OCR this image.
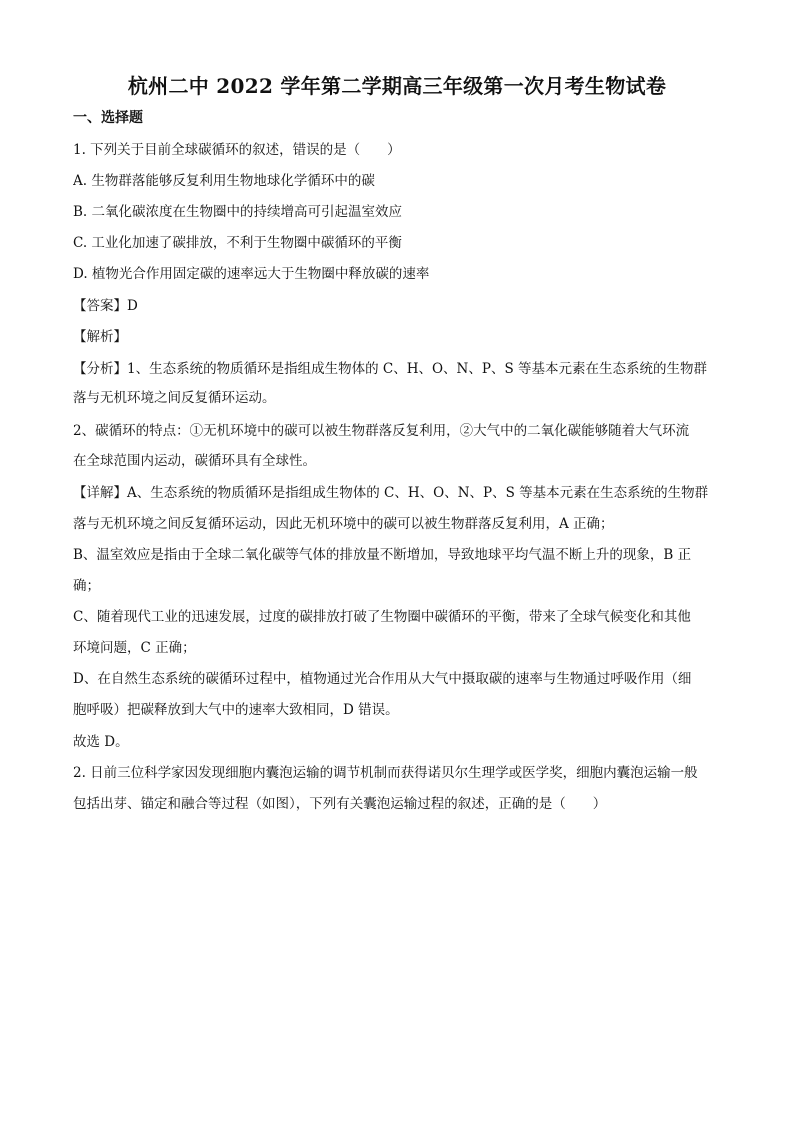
杭州二中 2022 学年第二学期高三年级第一次月考生物试卷
一、选择题
1. 下列关于目前全球碳循环的叙述，错误的是（　　）
A. 生物群落能够反复利用生物地球化学循环中的碳
B. 二氧化碳浓度在生物圈中的持续增高可引起温室效应
C. 工业化加速了碳排放，不利于生物圈中碳循环的平衡
D. 植物光合作用固定碳的速率远大于生物圈中释放碳的速率
【答案】D
【解析】
【分析】1、生态系统的物质循环是指组成生物体的 C、H、O、N、P、S 等基本元素在生态系统的生物群
落与无机环境之间反复循环运动。
2、碳循环的特点：①无机环境中的碳可以被生物群落反复利用，②大气中的二氧化碳能够随着大气环流
在全球范围内运动，碳循环具有全球性。
【详解】A、生态系统的物质循环是指组成生物体的 C、H、O、N、P、S 等基本元素在生态系统的生物群
落与无机环境之间反复循环运动，因此无机环境中的碳可以被生物群落反复利用，A 正确；
B、温室效应是指由于全球二氧化碳等气体的排放量不断增加，导致地球平均气温不断上升的现象，B 正
确；
C、随着现代工业的迅速发展，过度的碳排放打破了生物圈中碳循环的平衡，带来了全球气候变化和其他
环境问题，C 正确；
D、在自然生态系统的碳循环过程中，植物通过光合作用从大气中摄取碳的速率与生物通过呼吸作用（细
胞呼吸）把碳释放到大气中的速率大致相同，D 错误。
故选 D。
2. 日前三位科学家因发现细胞内囊泡运输的调节机制而获得诺贝尔生理学或医学奖，细胞内囊泡运输一般
包括出芽、锚定和融合等过程（如图），下列有关囊泡运输过程的叙述，正确的是（　　）
